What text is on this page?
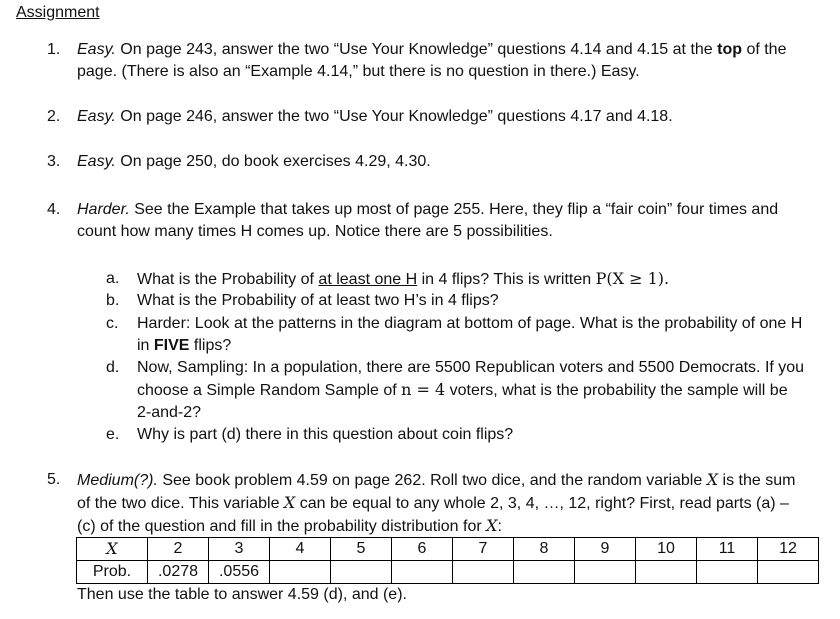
Assignment
1.	Easy. On page 243, answer the two “Use Your Knowledge” questions 4.14 and 4.15 at the top of the page. (There is also an “Example 4.14,” but there is no question in there.) Easy.
2.	Easy. On page 246, answer the two “Use Your Knowledge” questions 4.17 and 4.18.
3.	Easy. On page 250, do book exercises 4.29, 4.30.
4.	Harder. See the Example that takes up most of page 255. Here, they flip a “fair coin” four times and count how many times H comes up. Notice there are 5 possibilities.
a.	What is the Probability of at least one H in 4 flips? This is written P(X ≥ 1).
b.	What is the Probability of at least two H’s in 4 flips?
c.	Harder: Look at the patterns in the diagram at bottom of page. What is the probability of one H in FIVE flips?
d.	Now, Sampling: In a population, there are 5500 Republican voters and 5500 Democrats. If you choose a Simple Random Sample of n = 4 voters, what is the probability the sample will be 2-and-2?
e.	Why is part (d) there in this question about coin flips?
5.	Medium(?). See book problem 4.59 on page 262. Roll two dice, and the random variable X is the sum of the two dice. This variable X can be equal to any whole 2, 3, 4, …, 12, right? First, read parts (a) – (c) of the question and fill in the probability distribution for X:
X	2	3	4	5	6	7	8	9	10	11	12
Prob.	.0278	.0556									
Then use the table to answer 4.59 (d), and (e).
